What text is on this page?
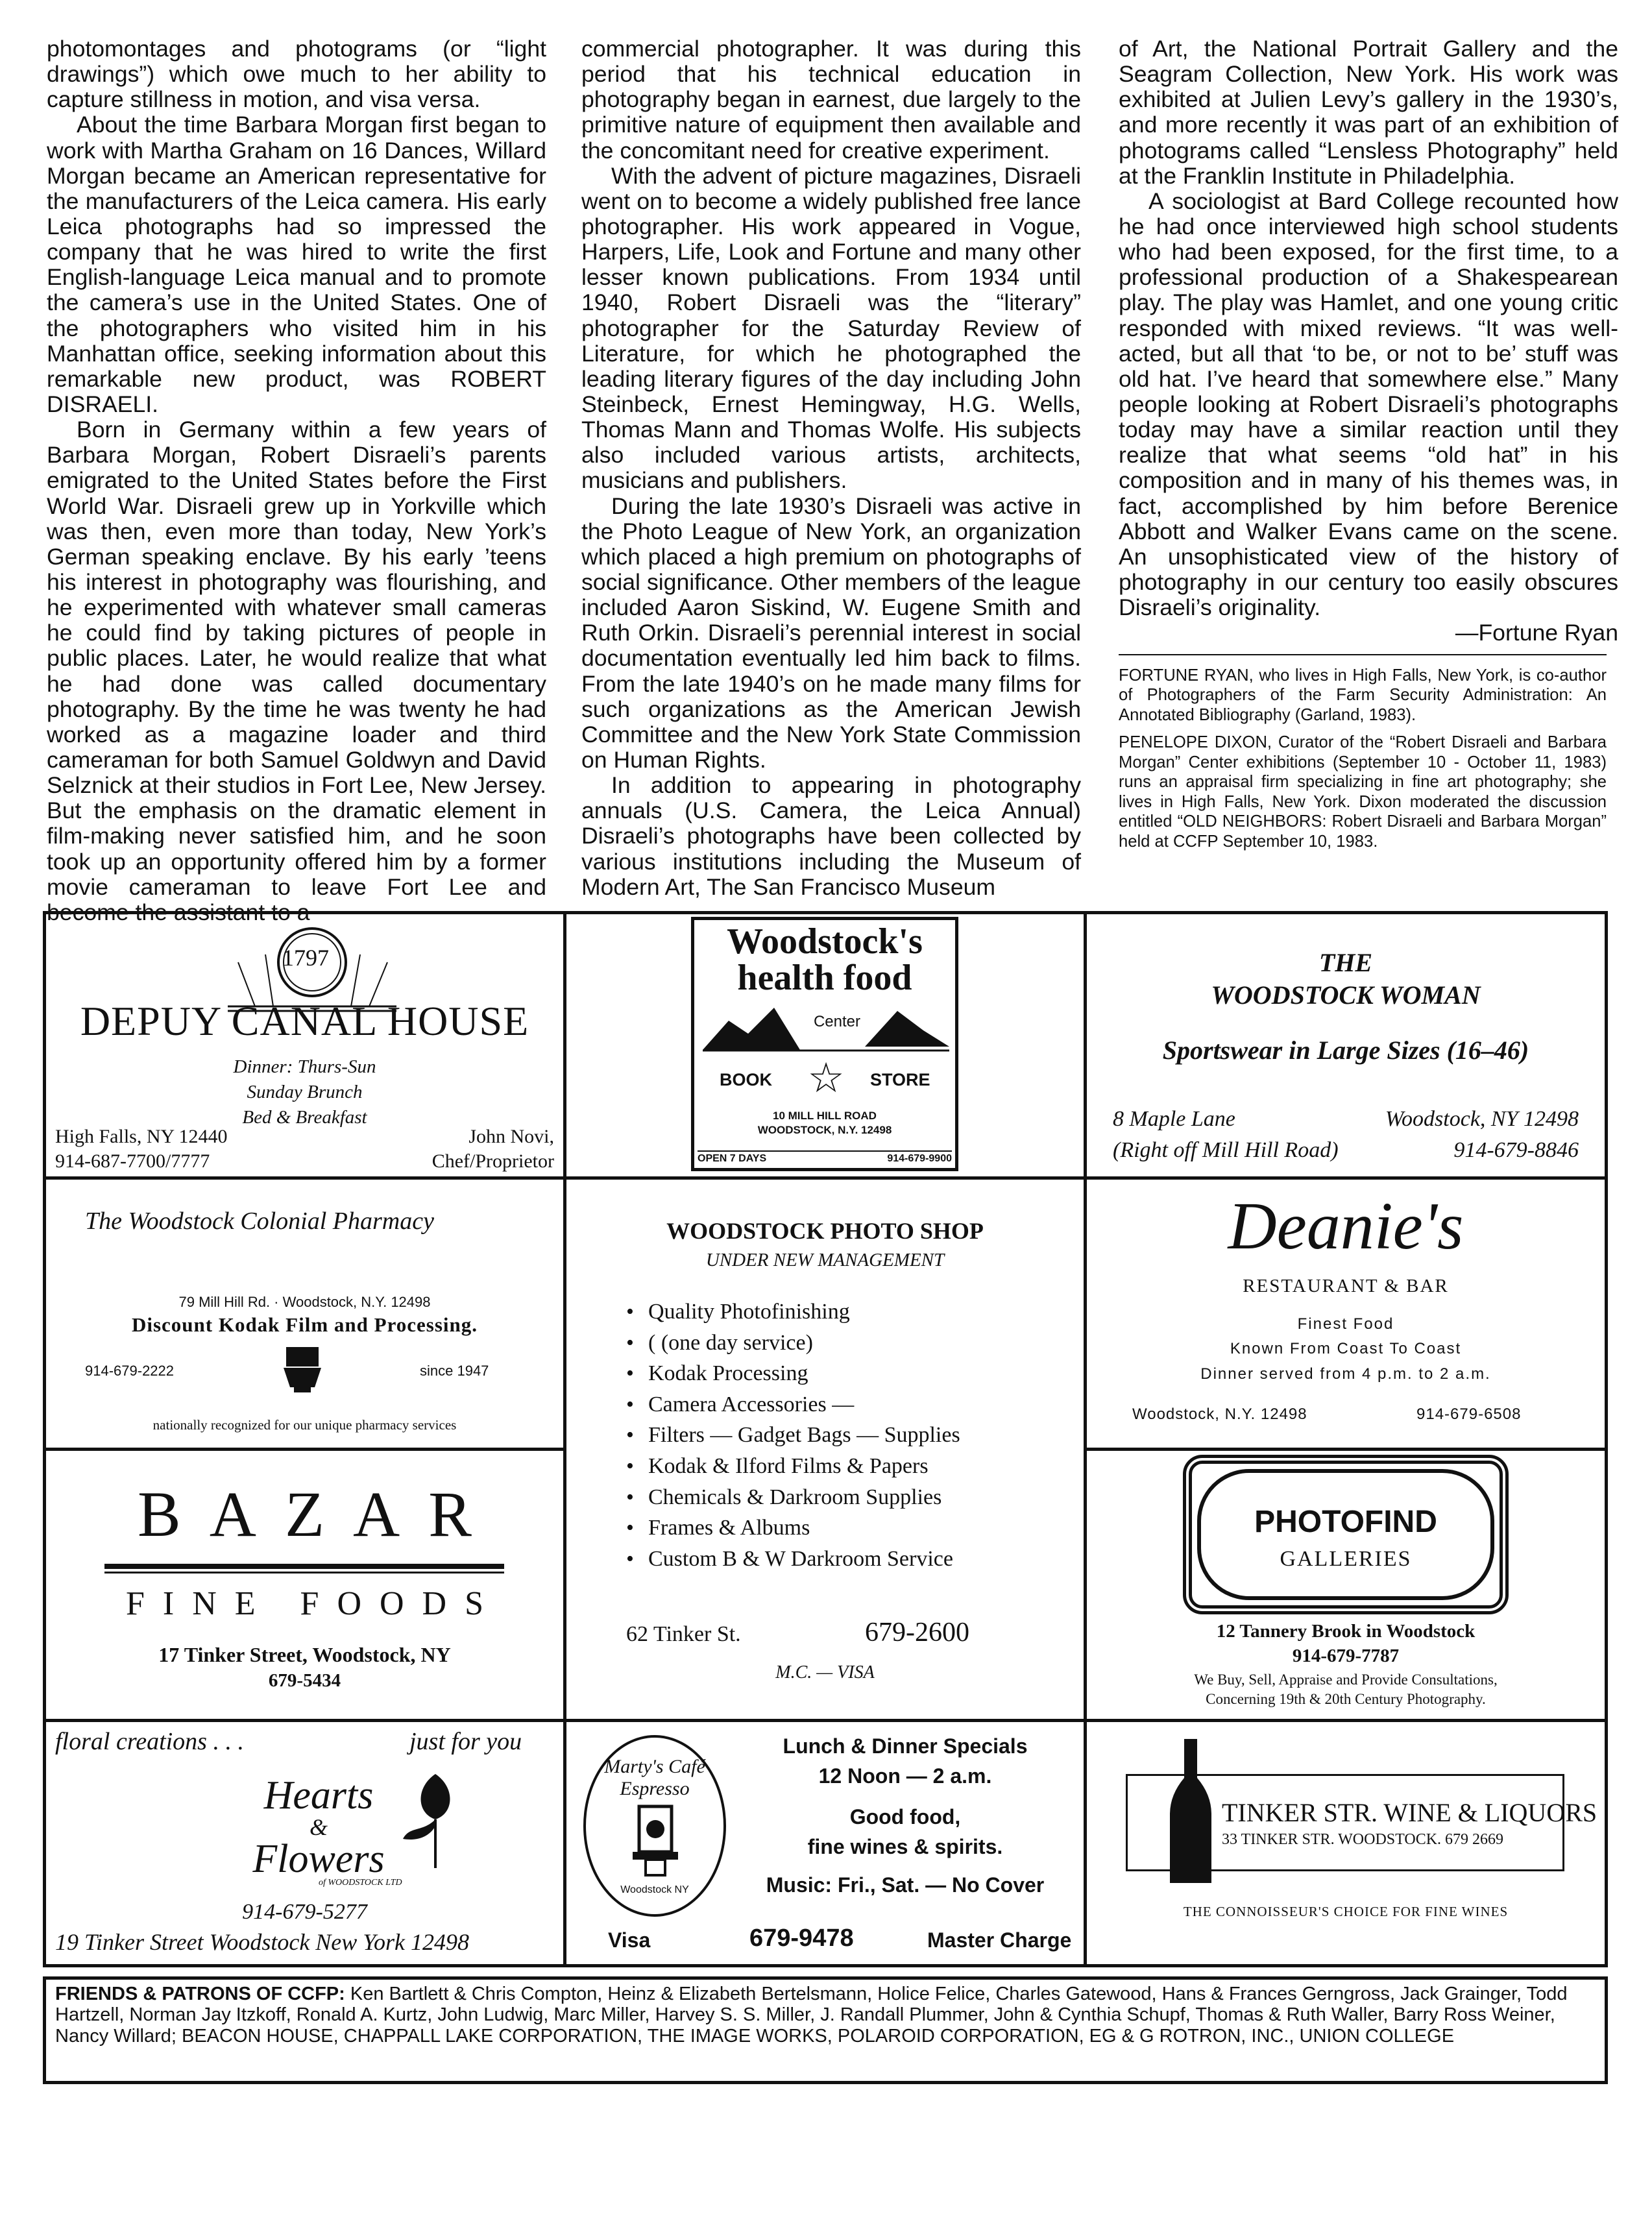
photomontages and photograms (or “light drawings”) which owe much to her ability to capture stillness in motion, and visa versa.

About the time Barbara Morgan first began to work with Martha Graham on 16 Dances, Willard Morgan became an American representative for the manufacturers of the Leica camera. His early Leica photographs had so impressed the company that he was hired to write the first English-language Leica manual and to promote the camera’s use in the United States. One of the photographers who visited him in his Manhattan office, seeking information about this remarkable new product, was ROBERT DISRAELI.

Born in Germany within a few years of Barbara Morgan, Robert Disraeli’s parents emigrated to the United States before the First World War. Disraeli grew up in Yorkville which was then, even more than today, New York’s German speaking enclave. By his early ’teens his interest in photography was flourishing, and he experimented with whatever small cameras he could find by taking pictures of people in public places. Later, he would realize that what he had done was called documentary photography. By the time he was twenty he had worked as a magazine loader and third cameraman for both Samuel Goldwyn and David Selznick at their studios in Fort Lee, New Jersey. But the emphasis on the dramatic element in film-making never satisfied him, and he soon took up an opportunity offered him by a former movie cameraman to leave Fort Lee and become the assistant to a

commercial photographer. It was during this period that his technical education in photography began in earnest, due largely to the primitive nature of equipment then available and the concomitant need for creative experiment.

With the advent of picture magazines, Disraeli went on to become a widely published free lance photographer. His work appeared in Vogue, Harpers, Life, Look and Fortune and many other lesser known publications. From 1934 until 1940, Robert Disraeli was the “literary” photographer for the Saturday Review of Literature, for which he photographed the leading literary figures of the day including John Steinbeck, Ernest Hemingway, H.G. Wells, Thomas Mann and Thomas Wolfe. His subjects also included various artists, architects, musicians and publishers.

During the late 1930’s Disraeli was active in the Photo League of New York, an organization which placed a high premium on photographs of social significance. Other members of the league included Aaron Siskind, W. Eugene Smith and Ruth Orkin. Disraeli’s perennial interest in social documentation eventually led him back to films. From the late 1940’s on he made many films for such organizations as the American Jewish Committee and the New York State Commission on Human Rights.

In addition to appearing in photography annuals (U.S. Camera, the Leica Annual) Disraeli’s photographs have been collected by various institutions including the Museum of Modern Art, The San Francisco Museum

of Art, the National Portrait Gallery and the Seagram Collection, New York. His work was exhibited at Julien Levy’s gallery in the 1930’s, and more recently it was part of an exhibition of photograms called “Lensless Photography” held at the Franklin Institute in Philadelphia.

A sociologist at Bard College recounted how he had once interviewed high school students who had been exposed, for the first time, to a professional production of a Shakespearean play. The play was Hamlet, and one young critic responded with mixed reviews. “It was well-acted, but all that ‘to be, or not to be’ stuff was old hat. I’ve heard that somewhere else.” Many people looking at Robert Disraeli’s photographs today may have a similar reaction until they realize that what seems “old hat” in his composition and in many of his themes was, in fact, accomplished by him before Berenice Abbott and Walker Evans came on the scene. An unsophisticated view of the history of photography in our century too easily obscures Disraeli’s originality.

—Fortune Ryan

FORTUNE RYAN, who lives in High Falls, New York, is co-author of Photographers of the Farm Security Administration: An Annotated Bibliography (Garland, 1983).

PENELOPE DIXON, Curator of the “Robert Disraeli and Barbara Morgan” Center exhibitions (September 10 - October 11, 1983) runs an appraisal firm specializing in fine art photography; she lives in High Falls, New York. Dixon moderated the discussion entitled “OLD NEIGHBORS: Robert Disraeli and Barbara Morgan” held at CCFP September 10, 1983.

1797
DEPUY CANAL HOUSE
Dinner: Thurs-Sun
Sunday Brunch
Bed & Breakfast
High Falls, NY 12440
914-687-7700/7777
John Novi,
Chef/Proprietor
Woodstock's
health food
Center
BOOK	STORE
☆
10 MILL HILL ROAD
WOODSTOCK, N.Y. 12498
OPEN 7 DAYS	914-679-9900
THE
WOODSTOCK WOMAN
Sportswear in Large Sizes (16–46)
8 Maple Lane
(Right off Mill Hill Road)
Woodstock, NY 12498
914-679-8846
The Woodstock Colonial Pharmacy
79 Mill Hill Rd. · Woodstock, N.Y. 12498
Discount Kodak Film and Processing.
914-679-2222	since 1947
nationally recognized for our unique pharmacy services
WOODSTOCK PHOTO SHOP
UNDER NEW MANAGEMENT
• Quality Photofinishing
• ( (one day service)
• Kodak Processing
• Camera Accessories —
• Filters — Gadget Bags — Supplies
• Kodak & Ilford Films & Papers
• Chemicals & Darkroom Supplies
• Frames & Albums
• Custom B & W Darkroom Service
62 Tinker St.	679-2600
M.C. — VISA
Deanie's
RESTAURANT & BAR
Finest Food
Known From Coast To Coast
Dinner served from 4 p.m. to 2 a.m.
Woodstock, N.Y. 12498	914-679-6508
BAZAR
FINE FOODS
17 Tinker Street, Woodstock, NY
679-5434
PHOTOFIND
GALLERIES
12 Tannery Brook in Woodstock
914-679-7787
We Buy, Sell, Appraise and Provide Consultations,
Concerning 19th & 20th Century Photography.
floral creations . . .	just for you
Hearts
&
Flowers
of WOODSTOCK LTD
914-679-5277
19 Tinker Street Woodstock New York 12498
Marty's Café Espresso
Woodstock NY
Lunch & Dinner Specials
12 Noon — 2 a.m.
Good food,
fine wines & spirits.
Music: Fri., Sat. — No Cover
Visa	679-9478	Master Charge
TINKER STR. WINE & LIQUORS
33 TINKER STR. WOODSTOCK. 679 2669
THE CONNOISSEUR'S CHOICE FOR FINE WINES
FRIENDS & PATRONS OF CCFP: Ken Bartlett & Chris Compton, Heinz & Elizabeth Bertelsmann, Holice Felice, Charles Gatewood, Hans & Frances Gerngross, Jack Grainger, Todd Hartzell, Norman Jay Itzkoff, Ronald A. Kurtz, John Ludwig, Marc Miller, Harvey S. S. Miller, J. Randall Plummer, John & Cynthia Schupf, Thomas & Ruth Waller, Barry Ross Weiner, Nancy Willard; BEACON HOUSE, CHAPPALL LAKE CORPORATION, THE IMAGE WORKS, POLAROID CORPORATION, EG & G ROTRON, INC., UNION COLLEGE
